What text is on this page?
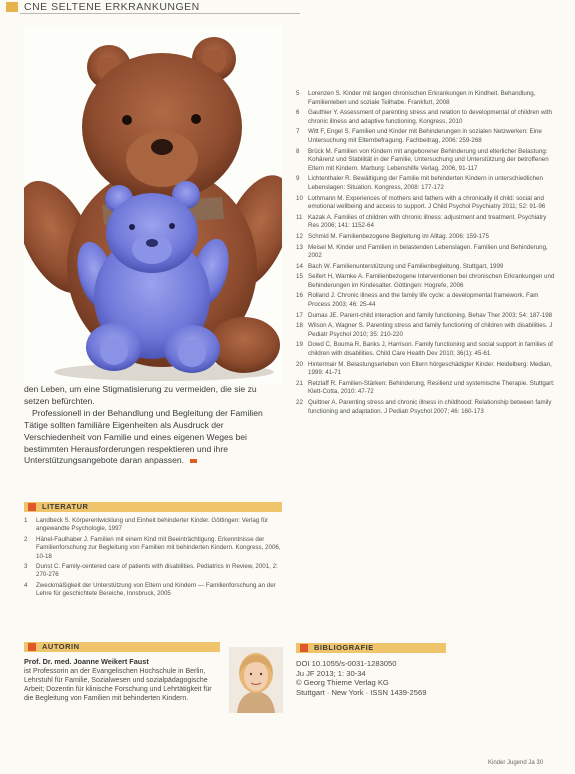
CNE SELTENE ERKRANKUNGEN

den Leben, um eine Stigmatisierung zu vermeiden, die sie zu setzen befürchten.

Professionell in der Behandlung und Begleitung der Familien Tätige sollten familiäre Eigenheiten als Ausdruck der Verschiedenheit von Familie und eines eigenen Weges bei bestimmten Herausforderungen respektieren und ihre Unterstützungsangebote daran anpassen.

LITERATUR
1	Landbeck S. Körperentwicklung und Einheit behinderter Kinder. Göttingen: Verlag für angewandte Psychologie, 1997
2	Hänel-Faulhaber J. Familien mit einem Kind mit Beeinträchtigung. Erkenntnisse der Familienforschung zur Begleitung von Familien mit behinderten Kindern. Kongress, 2006, 10-18
3	Dunst C. Family-centered care of patients with disabilities. Pediatrics in Review, 2001, 2: 270-276
4	Zweckmäßigkeit der Unterstützung von Eltern und Kindern — Familienforschung an der Lehre für geschichtete Bereiche, Innsbruck, 2005
5	Lorenzen S. Kinder mit langen chronischen Erkrankungen in Kindheit. Behandlung, Familienleben und soziale Teilhabe. Frankfurt, 2008
6	Gauthier Y. Assessment of parenting stress and relation to developmental of children with chronic illness and adaptive functioning. Kongress, 2010
7	Witt F, Engel S. Familien und Kinder mit Behinderungen in sozialen Netzwerken: Eine Untersuchung mit Elternbefragung. Fachbeitrag, 2006: 259-268
8	Brück M. Familien von Kindern mit angeborener Behinderung und elterlicher Belastung: Kohärenz und Stabilität in der Familie, Untersuchung und Unterstützung der betroffenen Eltern mit Kindern. Marburg: Lebenshilfe Verlag, 2006, 91-117
9	Lichtenthaler R. Bewältigung der Familie mit behinderten Kindern in unterschiedlichen Lebenslagen: Situation. Kongress, 2008: 177-172
10 Lothmann M. Experiences of mothers and fathers with a chronically ill child: social and emotional wellbeing and access to support. J Child Psychol Psychiatry 2011; 52: 91-96
11 Kazak A. Families of children with chronic illness: adjustment and treatment. Psychiatry Res 2006; 141: 1152-64
12 Schmid M. Familienbezogene Begleitung im Alltag. 2006: 159-175
13 Meisel M. Kinder und Familien in belastenden Lebenslagen. Familien und Behinderung, 2002
14 Bach W. Familienunterstützung und Familienbegleitung. Stuttgart, 1999
15 Seifert H, Warnke A. Familienbezogene Interventionen bei chronischen Erkrankungen und Behinderungen im Kindesalter. Göttingen: Hogrefe, 2006
16 Rolland J. Chronic illness and the family life cycle: a developmental framework. Fam Process 2003; 46: 25-44
17 Dumas JE. Parent-child interaction and family functioning. Behav Ther 2003; 54: 187-198
18 Wilson A, Wagner S. Parenting stress and family functioning of children with disabilities. J Pediatr Psychol 2010; 35: 210-220
19 Dowd C, Bouma R, Banks J, Harrison. Family functioning and social support in families of children with disabilities. Child Care Health Dev 2010; 36(1): 45-61
20 Hintermair M. Belastungserleben von Eltern hörgeschädigter Kinder. Heidelberg: Median, 1999: 41-71
21 Retzlaff R. Familien-Stärken: Behinderung, Resilienz und systemische Therapie. Stuttgart: Klett-Cotta, 2010: 47-72
22 Quittner A. Parenting stress and chronic illness in childhood: Relationship between family functioning and adaptation. J Pediatr Psychol 2007; 46: 160-173
AUTORIN
Prof. Dr. med. Joanne Weikert Faust
ist Professorin an der Evangelischen Hochschule in Berlin, Lehrstuhl für Familie, Sozialwesen und sozialpädagogische Arbeit; Dozentin für klinische Forschung und Lehrtätigkeit für die Begleitung von Familien mit behinderten Kindern.
BIBLIOGRAFIE
DOI 10.1055/s-0031-1283050
Ju JF 2013; 1: 30-34
© Georg Thieme Verlag KG
Stuttgart · New York · ISSN 1439-2569
Kinder Jugend Ja 30
